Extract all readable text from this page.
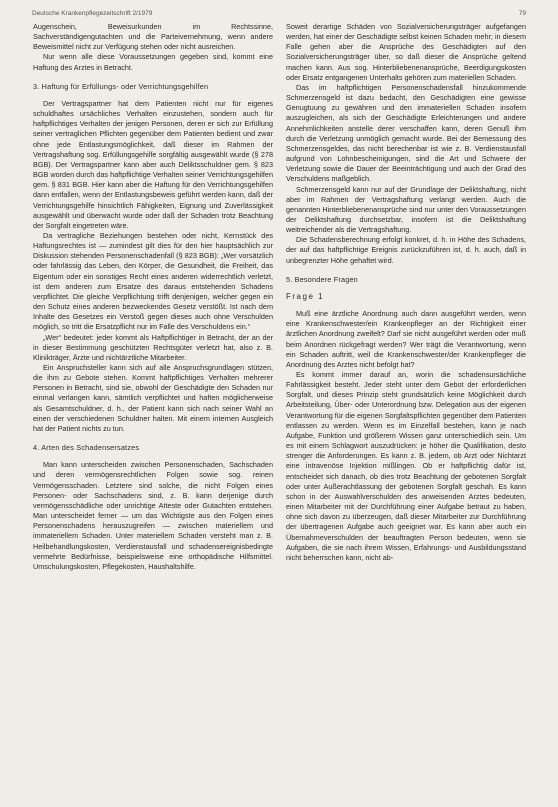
Deutsche Krankenpflegezeitschrift 2/1979	79

Augenschein, Beweisurkunden im Rechtssinne, Sachverständigengutachten und die Parteivernehmung, wenn andere Beweismittel nicht zur Verfügung stehen oder nicht ausreichen.

Nur wenn alle diese Voraussetzungen gegeben sind, kommt eine Haftung des Arztes in Betracht.

3. Haftung für Erfüllungs- oder Verrichtungsgehilfen

Der Vertragspartner hat dem Patienten nicht nur für eigenes schuldhaftes ursächliches Verhalten einzustehen, sondern auch für haftpflichtiges Verhalten der jenigen Personen, deren er sich zur Erfüllung seiner vertraglichen Pflichten gegenüber dem Patienten bedient und zwar ohne jede Entlastungsmöglichkeit, daß dieser im Rahmen der Vertragshaftung sog. Erfüllungsgehilfe sorgfältig ausgewählt wurde (§ 278 BGB). Der Vertragspartner kann aber auch Deliktsschuldner gem. § 823 BGB worden durch das haftpflichtige Verhalten seiner Verrichtungsgehilfen gem. § 831 BGB. Hier kann aber die Haftung für den Verrichtungsgehilfen dann entfallen, wenn der Entlastungsbeweis geführt werden kann, daß der Verrichtungsgehilfe hinsichtlich Fähigkeiten, Eignung und Zuverlässigkeit ausgewählt und überwacht wurde oder daß der Schaden trotz Beachtung der Sorgfalt eingetreten wäre.

Da vertragliche Beziehungen bestehen oder nicht, Kernstück des Haftungsrechtes ist — zumindest gilt dies für den hier hauptsächlich zur Diskussion stehenden Personenschadenfall (§ 823 BGB): „Wer vorsätzlich oder fahrlässig das Leben, den Körper, die Gesundheit, die Freiheit, das Eigentum oder ein sonstiges Recht eines anderen widerrechtlich verletzt, ist dem anderen zum Ersatze des daraus entstehenden Schadens verpflichtet. Die gleiche Verpflichtung trifft denjenigen, welcher gegen ein den Schutz eines anderen bezweckendes Gesetz verstößt. Ist nach dem Inhalte des Gesetzes ein Verstoß gegen dieses auch ohne Verschulden möglich, so tritt die Ersatzpflicht nur im Falle des Verschuldens ein.“

„Wer“ bedeutet: jeder kommt als Haftpflichtiger in Betracht, der an der in dieser Bestimmung geschützten Rechtsgüter verletzt hat, also z. B. Klinikträger, Ärzte und nichtärztliche Mitarbeiter.

Ein Anspruchsteller kann sich auf alle Anspruchsgrundlagen stützen, die ihm zu Gebote stehen. Kommt haftpflichtiges Verhalten mehrerer Personen in Betracht, sind sie, obwohl der Geschädigte den Schaden nur einmal verlangen kann, sämtlich verpflichtet und haften möglicherweise als Gesamtschuldner, d. h., der Patient kann sich nach seiner Wahl an einen der verschiedenen Schuldner halten. Mit einem internen Ausgleich hat der Patient nichts zu tun.

4. Arten des Schadensersatzes

Man kann unterscheiden zwischen Personenschaden, Sachschaden und deren vermögensrechtlichen Folgen sowie sog. reinen Vermögensschaden. Letztere sind solche, die nicht Folgen eines Personen- oder Sachschadens sind, z. B. kann derjenige durch vermögensschädliche oder unrichtige Atteste oder Gutachten entstehen. Man unterscheidet ferner — um das Wichtigste aus den Folgen eines Personenschadens herauszugreifen — zwischen materiellem und immateriellem Schaden. Unter materiellem Schaden versteht man z. B. Heilbehandlungskosten, Verdienstausfall und schadensereignisbedingte vermehrte Bedürfnisse, beispielsweise eine orthopädische Hilfsmittel. Umschulungskosten, Pflegekosten, Haushaltshilfe.

Soweit derartige Schäden von Sozialversicherungsträger aufgefangen werden, hat einer der Geschädigte selbst keinen Schaden mehr; in diesem Falle gehen aber die Ansprüche des Geschädigten auf den Sozialversicherungsträger über, so daß dieser die Ansprüche geltend machen kann. Aus sog. Hinterbliebenenansprüche, Beerdigungskosten oder Ersatz entgangenen Unterhalts gehören zum materiellen Schaden.

Das im haftpflichtigen Personenschadensfall hinzukommende Schmerzensgeld ist dazu bedacht, den Geschädigten eine gewisse Genugtuung zu gewähren und den immateriellen Schaden insofern auszugleichen, als sich der Geschädigte Erleichterungen und andere Annehmlichkeiten anstelle derer verschaffen kann, deren Genuß ihm durch die Verletzung unmöglich gemacht wurde. Bei der Bemessung des Schmerzensgeldes, das nicht berechenbar ist wie z. B. Verdienstausfall aufgrund von Lohnbescheinigungen, sind die Art und Schwere der Verletzung sowie die Dauer der Beeinträchtigung und auch der Grad des Verschuldens maßgeblich.

Schmerzensgeld kann nur auf der Grundlage der Deliktshaftung, nicht aber im Rahmen der Vertragshaftung verlangt werden. Auch die genannten Hinterbliebenenansprüche sind nur unter den Voraussetzungen der Deliktshaftung durchsetzbar, insofern ist die Deliktshaftung weitreichender als die Vertragshaftung.

Die Schadensberechnung erfolgt konkret, d. h. in Höhe des Schadens, der auf das haftpflichtige Ereignis zurückzuführen ist, d. h. auch, daß in unbegrenzter Höhe gehaftet wird.

5. Besondere Fragen
Frage 1

Muß eine ärztliche Anordnung auch dann ausgeführt werden, wenn eine Krankenschwester/ein Krankenpfleger an der Richtigkeit einer ärztlichen Anordnung zweifelt? Darf sie nicht ausgeführt werden oder muß beim Anordnen rückgefragt werden? Wer trägt die Verantwortung, wenn ein Schaden auftritt, weil die Krankenschwester/der Krankenpfleger die Anordnung des Arztes nicht befolgt hat?

Es kommt immer darauf an, worin die schadensursächliche Fahrlässigkeit besteht. Jeder steht unter dem Gebot der erforderlichen Sorgfalt, und dieses Prinzip steht grundsätzlich keine Möglichkeit durch Arbeitsteilung, Über- oder Unterordnung bzw. Delegation aus der eigenen Verantwortung für die eigenen Sorgfaltspflichten gegenüber dem Patienten entlassen zu werden. Wenn es im Einzelfall bestehen, kann je nach Aufgabe, Funktion und größerem Wissen ganz unterschiedlich sein. Um es mit einem Schlagwort auszudrücken: je höher die Qualifikation, desto strenger die Anforderungen. Es kann z. B. jedem, ob Arzt oder Nichtarzt eine intravenöse Injektion mißlingen. Ob er haftpflichtig dafür ist, entscheidet sich danach, ob dies trotz Beachtung der gebotenen Sorgfalt oder unter Außerachtlassung der gebotenen Sorgfalt geschah. Es kann schon in der Auswahlverschulden des anweisenden Arztes bedeuten, einen Mitarbeiter mit der Durchführung einer Aufgabe betraut zu haben, ohne sich davon zu überzeugen, daß dieser Mitarbeiter zur Durchführung der übertragenen Aufgabe auch geeignet war. Es kann aber auch ein Übernahmeverschulden der beauftragten Person bedeuten, wenn sie Aufgaben, die sie nach ihrem Wissen, Erfahrungs- und Ausbildungsstand nicht beherrschen kann, nicht ab-
